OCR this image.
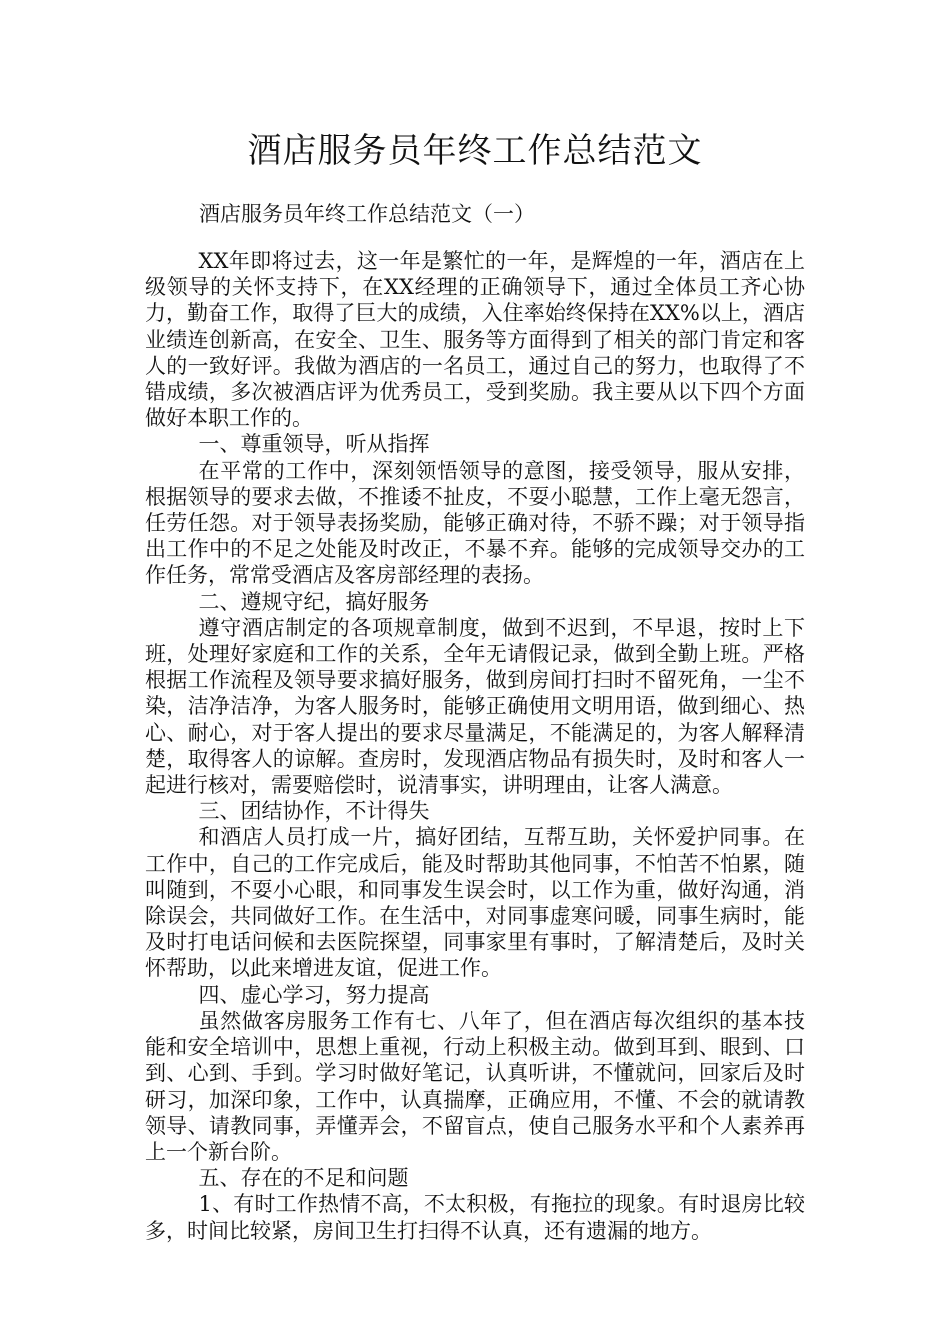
酒店服务员年终工作总结范文

酒店服务员年终工作总结范文（一）

XX年即将过去，这一年是繁忙的一年，是辉煌的一年，酒店在上级领导的关怀支持下，在XX经理的正确领导下，通过全体员工齐心协力，勤奋工作，取得了巨大的成绩，入住率始终保持在XX%以上，酒店业绩连创新高，在安全、卫生、服务等方面得到了相关的部门肯定和客人的一致好评。我做为酒店的一名员工，通过自己的努力，也取得了不错成绩，多次被酒店评为优秀员工，受到奖励。我主要从以下四个方面做好本职工作的。

一、尊重领导，听从指挥

在平常的工作中，深刻领悟领导的意图，接受领导，服从安排，根据领导的要求去做，不推诿不扯皮，不耍小聪慧，工作上毫无怨言，任劳任怨。对于领导表扬奖励，能够正确对待，不骄不躁；对于领导指出工作中的不足之处能及时改正，不暴不弃。能够的完成领导交办的工作任务，常常受酒店及客房部经理的表扬。

二、遵规守纪，搞好服务

遵守酒店制定的各项规章制度，做到不迟到，不早退，按时上下班，处理好家庭和工作的关系，全年无请假记录，做到全勤上班。严格根据工作流程及领导要求搞好服务，做到房间打扫时不留死角，一尘不染，洁净洁净，为客人服务时，能够正确使用文明用语，做到细心、热心、耐心，对于客人提出的要求尽量满足，不能满足的，为客人解释清楚，取得客人的谅解。查房时，发现酒店物品有损失时，及时和客人一起进行核对，需要赔偿时，说清事实，讲明理由，让客人满意。

三、团结协作，不计得失

和酒店人员打成一片，搞好团结，互帮互助，关怀爱护同事。在工作中，自己的工作完成后，能及时帮助其他同事，不怕苦不怕累，随叫随到，不耍小心眼，和同事发生误会时，以工作为重，做好沟通，消除误会，共同做好工作。在生活中，对同事虚寒问暖，同事生病时，能及时打电话问候和去医院探望，同事家里有事时，了解清楚后，及时关怀帮助，以此来增进友谊，促进工作。

四、虚心学习，努力提高

虽然做客房服务工作有七、八年了，但在酒店每次组织的基本技能和安全培训中，思想上重视，行动上积极主动。做到耳到、眼到、口到、心到、手到。学习时做好笔记，认真听讲，不懂就问，回家后及时研习，加深印象，工作中，认真揣摩，正确应用，不懂、不会的就请教领导、请教同事，弄懂弄会，不留盲点，使自己服务水平和个人素养再上一个新台阶。

五、存在的不足和问题

1、有时工作热情不高，不太积极，有拖拉的现象。有时退房比较多，时间比较紧，房间卫生打扫得不认真，还有遗漏的地方。
